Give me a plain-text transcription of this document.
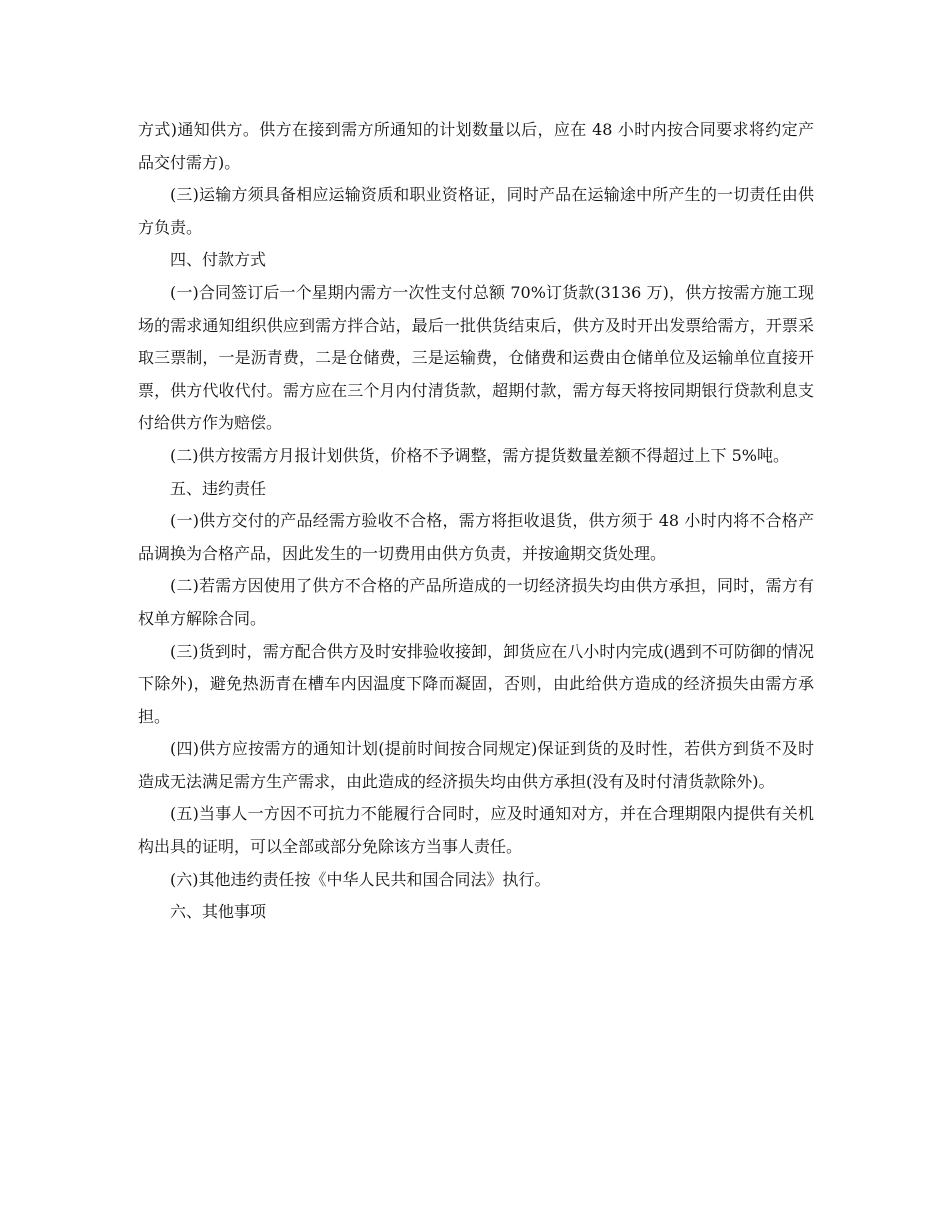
方式)通知供方。供方在接到需方所通知的计划数量以后，应在 48 小时内按合同要求将约定产品交付需方)。

(三)运输方须具备相应运输资质和职业资格证，同时产品在运输途中所产生的一切责任由供方负责。

四、付款方式

(一)合同签订后一个星期内需方一次性支付总额 70%订货款(3136 万)，供方按需方施工现场的需求通知组织供应到需方拌合站，最后一批供货结束后，供方及时开出发票给需方，开票采取三票制，一是沥青费，二是仓储费，三是运输费，仓储费和运费由仓储单位及运输单位直接开票，供方代收代付。需方应在三个月内付清货款，超期付款，需方每天将按同期银行贷款利息支付给供方作为赔偿。

(二)供方按需方月报计划供货，价格不予调整，需方提货数量差额不得超过上下 5%吨。

五、违约责任

(一)供方交付的产品经需方验收不合格，需方将拒收退货，供方须于 48 小时内将不合格产品调换为合格产品，因此发生的一切费用由供方负责，并按逾期交货处理。

(二)若需方因使用了供方不合格的产品所造成的一切经济损失均由供方承担，同时，需方有权单方解除合同。

(三)货到时，需方配合供方及时安排验收接卸，卸货应在八小时内完成(遇到不可防御的情况下除外)，避免热沥青在槽车内因温度下降而凝固，否则，由此给供方造成的经济损失由需方承担。

(四)供方应按需方的通知计划(提前时间按合同规定)保证到货的及时性，若供方到货不及时造成无法满足需方生产需求，由此造成的经济损失均由供方承担(没有及时付清货款除外)。

(五)当事人一方因不可抗力不能履行合同时，应及时通知对方，并在合理期限内提供有关机构出具的证明，可以全部或部分免除该方当事人责任。

(六)其他违约责任按《中华人民共和国合同法》执行。

六、其他事项
